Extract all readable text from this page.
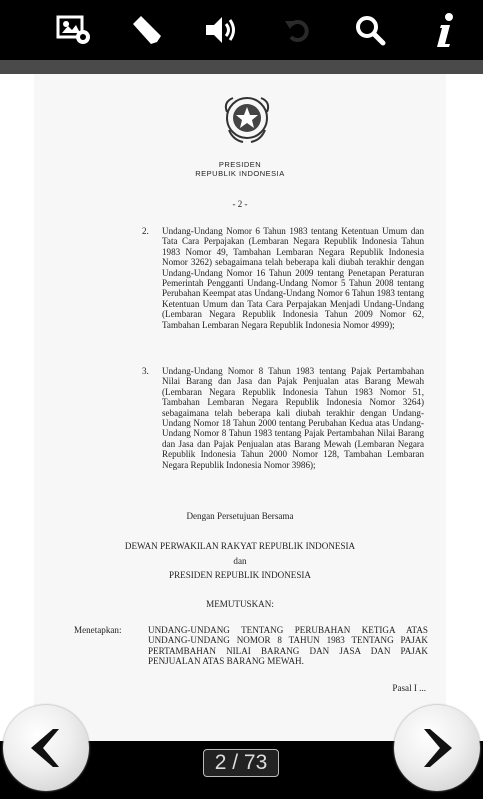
PRESIDEN
REPUBLIK INDONESIA
- 2 -
2. Undang-Undang Nomor 6 Tahun 1983 tentang Ketentuan Umum dan Tata Cara Perpajakan (Lembaran Negara Republik Indonesia Tahun 1983 Nomor 49, Tambahan Lembaran Negara Republik Indonesia Nomor 3262) sebagaimana telah beberapa kali diubah terakhir dengan Undang-Undang Nomor 16 Tahun 2009 tentang Penetapan Peraturan Pemerintah Pengganti Undang-Undang Nomor 5 Tahun 2008 tentang Perubahan Keempat atas Undang-Undang Nomor 6 Tahun 1983 tentang Ketentuan Umum dan Tata Cara Perpajakan Menjadi Undang-Undang (Lembaran Negara Republik Indonesia Tahun 2009 Nomor 62, Tambahan Lembaran Negara Republik Indonesia Nomor 4999);
3. Undang-Undang Nomor 8 Tahun 1983 tentang Pajak Pertambahan Nilai Barang dan Jasa dan Pajak Penjualan atas Barang Mewah (Lembaran Negara Republik Indonesia Tahun 1983 Nomor 51, Tambahan Lembaran Negara Republik Indonesia Nomor 3264) sebagaimana telah beberapa kali diubah terakhir dengan Undang-Undang Nomor 18 Tahun 2000 tentang Perubahan Kedua atas Undang-Undang Nomor 8 Tahun 1983 tentang Pajak Pertambahan Nilai Barang dan Jasa dan Pajak Penjualan atas Barang Mewah (Lembaran Negara Republik Indonesia Tahun 2000 Nomor 128, Tambahan Lembaran Negara Republik Indonesia Nomor 3986);
Dengan Persetujuan Bersama
DEWAN PERWAKILAN RAKYAT REPUBLIK INDONESIA
dan
PRESIDEN REPUBLIK INDONESIA
MEMUTUSKAN:
Menetapkan:	UNDANG-UNDANG TENTANG PERUBAHAN KETIGA ATAS UNDANG-UNDANG NOMOR 8 TAHUN 1983 TENTANG PAJAK PERTAMBAHAN NILAI BARANG DAN JASA DAN PAJAK PENJUALAN ATAS BARANG MEWAH.
Pasal I ...
2 / 73
